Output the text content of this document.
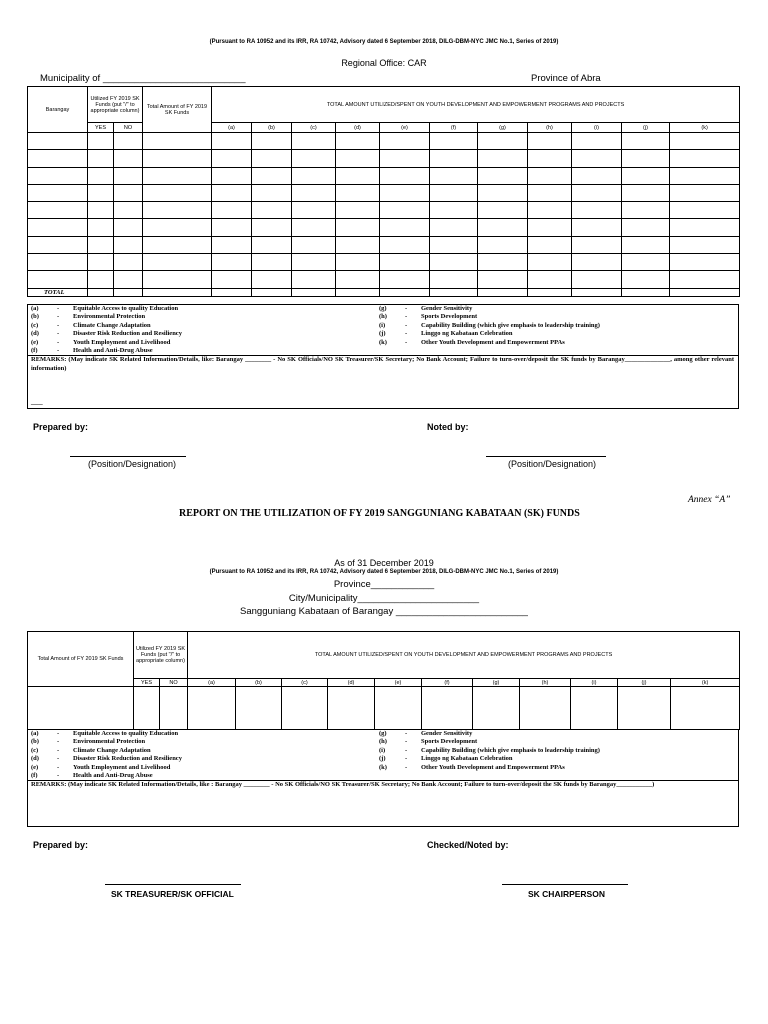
(Pursuant to RA 10952 and its IRR, RA 10742, Advisory dated 6 September 2018, DILG-DBM-NYC JMC No.1, Series of 2019)
Regional Office: CAR
Municipality of ___________________________	Province of Abra
Barangay	Utilized FY 2019 SK Funds (put "/" to appropriate column)		Total Amount of FY 2019 SK Funds	TOTAL AMOUNT UTILIZED/SPENT ON YOUTH DEVELOPMENT AND EMPOWERMENT PROGRAMS AND PROJECTS										
	YES	NO		(a)	(b)	(c)	(d)	(e)	(f)	(g)	(h)	(i)	(j)	(k)

TOTAL														
(a)	- Equitable Access to quality Education
(b)	- Environmental Protection
(c)	- Climate Change Adaptation
(d)	- Disaster Risk Reduction and Resiliency
(e)	- Youth Employment and Livelihood
(f)	- Health and Anti-Drug Abuse
(g)	- Gender Sensitivity
(h)	- Sports Development
(i)	- Capability Building (which give emphasis to leadership training)
(j)	- Linggo ng Kabataan Celebration
(k)	- Other Youth Development and Empowerment PPAs
REMARKS: (May indicate SK Related Information/Details, like: Barangay ________ - No SK Officials/NO SK Treasurer/SK Secretary; No Bank Account; Failure to turn-over/deposit the SK funds by Barangay______________, among other relevant information)
___
Prepared by:	Noted by:
(Position/Designation)	(Position/Designation)
Annex “A”
REPORT ON THE UTILIZATION OF FY 2019 SANGGUNIANG KABATAAN (SK) FUNDS
As of 31 December 2019
(Pursuant to RA 10952 and its IRR, RA 10742, Advisory dated 6 September 2018, DILG-DBM-NYC JMC No.1, Series of 2019)
Province____________
City/Municipality_______________________
Sangguniang Kabataan of Barangay _________________________
Total Amount of FY 2019 SK Funds	Utilized FY 2019 SK Funds (put "/" to appropriate column)		TOTAL AMOUNT UTILIZED/SPENT ON YOUTH DEVELOPMENT AND EMPOWERMENT PROGRAMS AND PROJECTS										
	YES	NO	(a)	(b)	(c)	(d)	(e)	(f)	(g)	(h)	(i)	(j)	(k)

(a)	- Equitable Access to quality Education
(b)	- Environmental Protection
(c)	- Climate Change Adaptation
(d)	- Disaster Risk Reduction and Resiliency
(e)	- Youth Employment and Livelihood
(f)	- Health and Anti-Drug Abuse
(g)	- Gender Sensitivity
(h)	- Sports Development
(i)	- Capability Building (which give emphasis to leadership training)
(j)	- Linggo ng Kabataan Celebration
(k)	- Other Youth Development and Empowerment PPAs
REMARKS: (May indicate SK Related Information/Details, like : Barangay ________ - No SK Officials/NO SK Treasurer/SK Secretary; No Bank Account; Failure to turn-over/deposit the SK funds by Barangay___________)
Prepared by:	Checked/Noted by:
SK TREASURER/SK OFFICIAL	SK CHAIRPERSON
